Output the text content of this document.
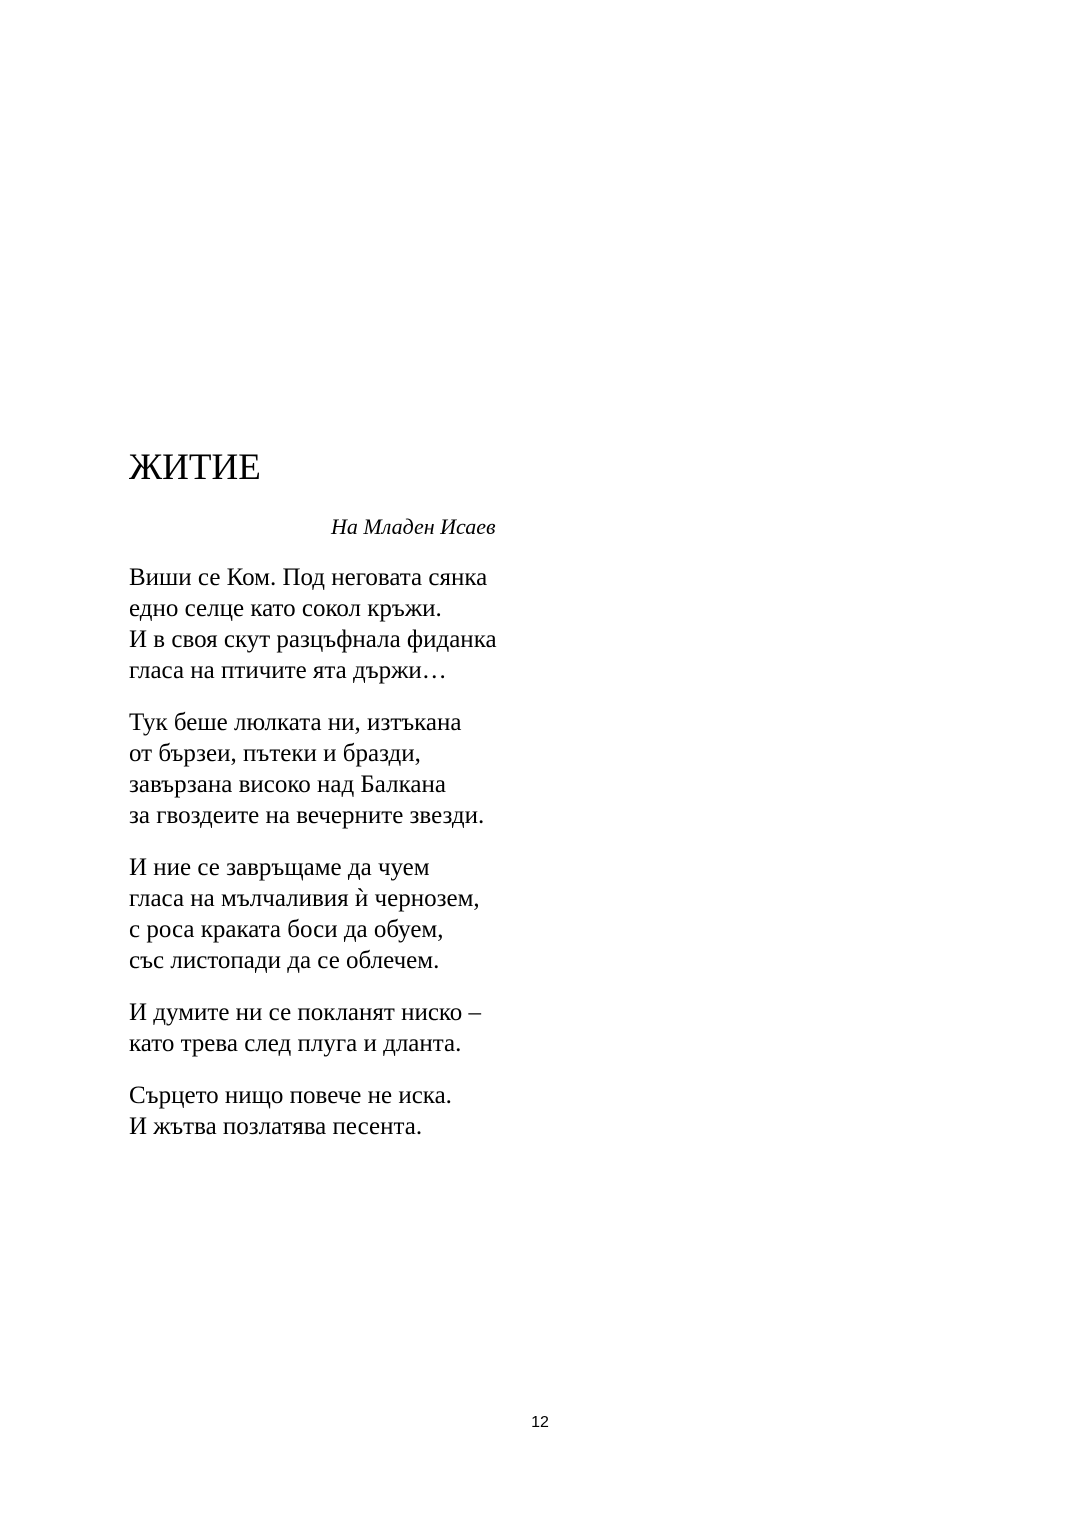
ЖИТИЕ

На Младен Исаев

Виши се Ком. Под неговата сянка
едно селце като сокол кръжи.
И в своя скут разцъфнала фиданка
гласа на птичите ята държи…
Тук беше люлката ни, изтъкана
от бързеи, пътеки и бразди,
завързана високо над Балкана
за гвоздеите на вечерните звезди.
И ние се завръщаме да чуем
гласа на мълчаливия ѝ чернозем,
с роса краката боси да обуем,
със листопади да се облечем.
И думите ни се покланят ниско –
като трева след плуга и дланта.
Сърцето нищо повече не иска.
И жътва позлатява песента.
12
